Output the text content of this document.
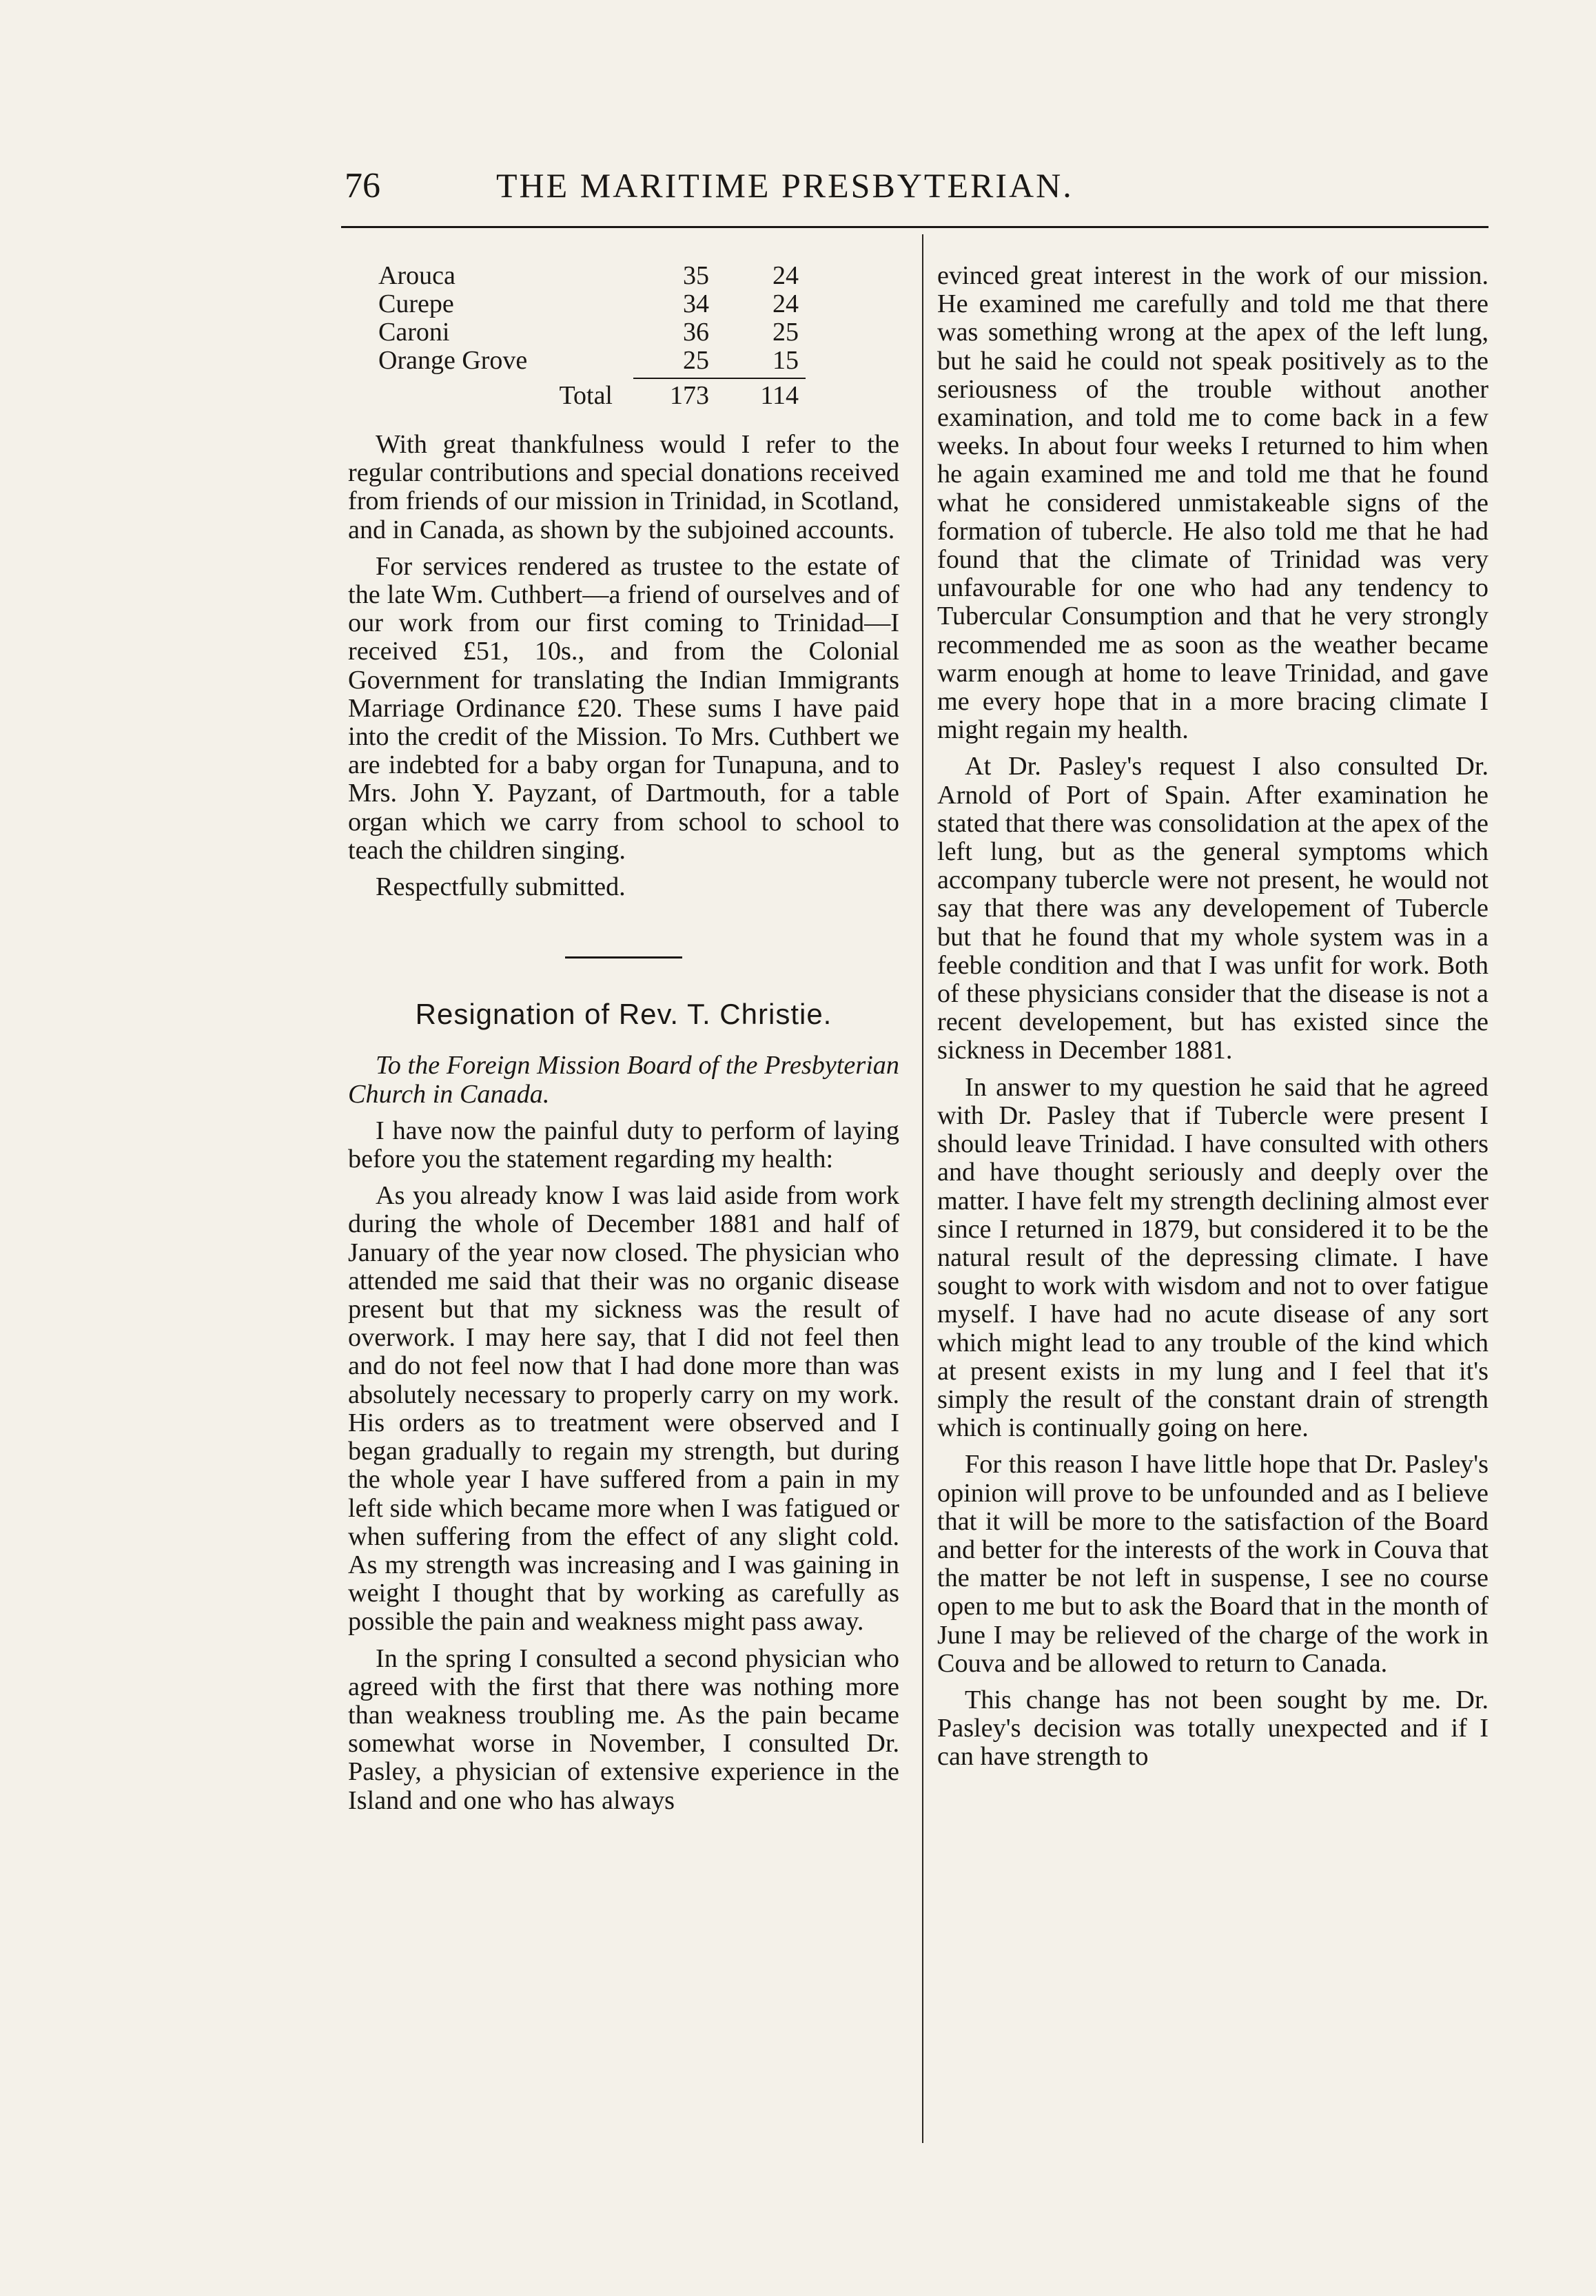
76	THE MARITIME PRESBYTERIAN.
Arouca	35	24
Curepe	34	24
Caroni	36	25
Orange Grove	25	15
Total	173	114

With great thankfulness would I refer to the regular contributions and special donations received from friends of our mission in Trinidad, in Scotland, and in Canada, as shown by the subjoined accounts.

For services rendered as trustee to the estate of the late Wm. Cuthbert—a friend of ourselves and of our work from our first coming to Trinidad—I received £51, 10s., and from the Colonial Government for translating the Indian Immigrants Marriage Ordinance £20. These sums I have paid into the credit of the Mission. To Mrs. Cuthbert we are indebted for a baby organ for Tunapuna, and to Mrs. John Y. Payzant, of Dartmouth, for a table organ which we carry from school to school to teach the children singing.

Respectfully submitted.

Resignation of Rev. T. Christie.

To the Foreign Mission Board of the Presbyterian Church in Canada.

I have now the painful duty to perform of laying before you the statement regarding my health:

As you already know I was laid aside from work during the whole of December 1881 and half of January of the year now closed. The physician who attended me said that their was no organic disease present but that my sickness was the result of overwork. I may here say, that I did not feel then and do not feel now that I had done more than was absolutely necessary to properly carry on my work. His orders as to treatment were observed and I began gradually to regain my strength, but during the whole year I have suffered from a pain in my left side which became more when I was fatigued or when suffering from the effect of any slight cold. As my strength was increasing and I was gaining in weight I thought that by working as carefully as possible the pain and weakness might pass away.

In the spring I consulted a second physician who agreed with the first that there was nothing more than weakness troubling me. As the pain became somewhat worse in November, I consulted Dr. Pasley, a physician of extensive experience in the Island and one who has always

evinced great interest in the work of our mission. He examined me carefully and told me that there was something wrong at the apex of the left lung, but he said he could not speak positively as to the seriousness of the trouble without another examination, and told me to come back in a few weeks. In about four weeks I returned to him when he again examined me and told me that he found what he considered unmistakeable signs of the formation of tubercle. He also told me that he had found that the climate of Trinidad was very unfavourable for one who had any tendency to Tubercular Consumption and that he very strongly recommended me as soon as the weather became warm enough at home to leave Trinidad, and gave me every hope that in a more bracing climate I might regain my health.

At Dr. Pasley's request I also consulted Dr. Arnold of Port of Spain. After examination he stated that there was consolidation at the apex of the left lung, but as the general symptoms which accompany tubercle were not present, he would not say that there was any developement of Tubercle but that he found that my whole system was in a feeble condition and that I was unfit for work. Both of these physicians consider that the disease is not a recent developement, but has existed since the sickness in December 1881.

In answer to my question he said that he agreed with Dr. Pasley that if Tubercle were present I should leave Trinidad. I have consulted with others and have thought seriously and deeply over the matter. I have felt my strength declining almost ever since I returned in 1879, but considered it to be the natural result of the depressing climate. I have sought to work with wisdom and not to over fatigue myself. I have had no acute disease of any sort which might lead to any trouble of the kind which at present exists in my lung and I feel that it's simply the result of the constant drain of strength which is continually going on here.

For this reason I have little hope that Dr. Pasley's opinion will prove to be unfounded and as I believe that it will be more to the satisfaction of the Board and better for the interests of the work in Couva that the matter be not left in suspense, I see no course open to me but to ask the Board that in the month of June I may be relieved of the charge of the work in Couva and be allowed to return to Canada.

This change has not been sought by me. Dr. Pasley's decision was totally unexpected and if I can have strength to
